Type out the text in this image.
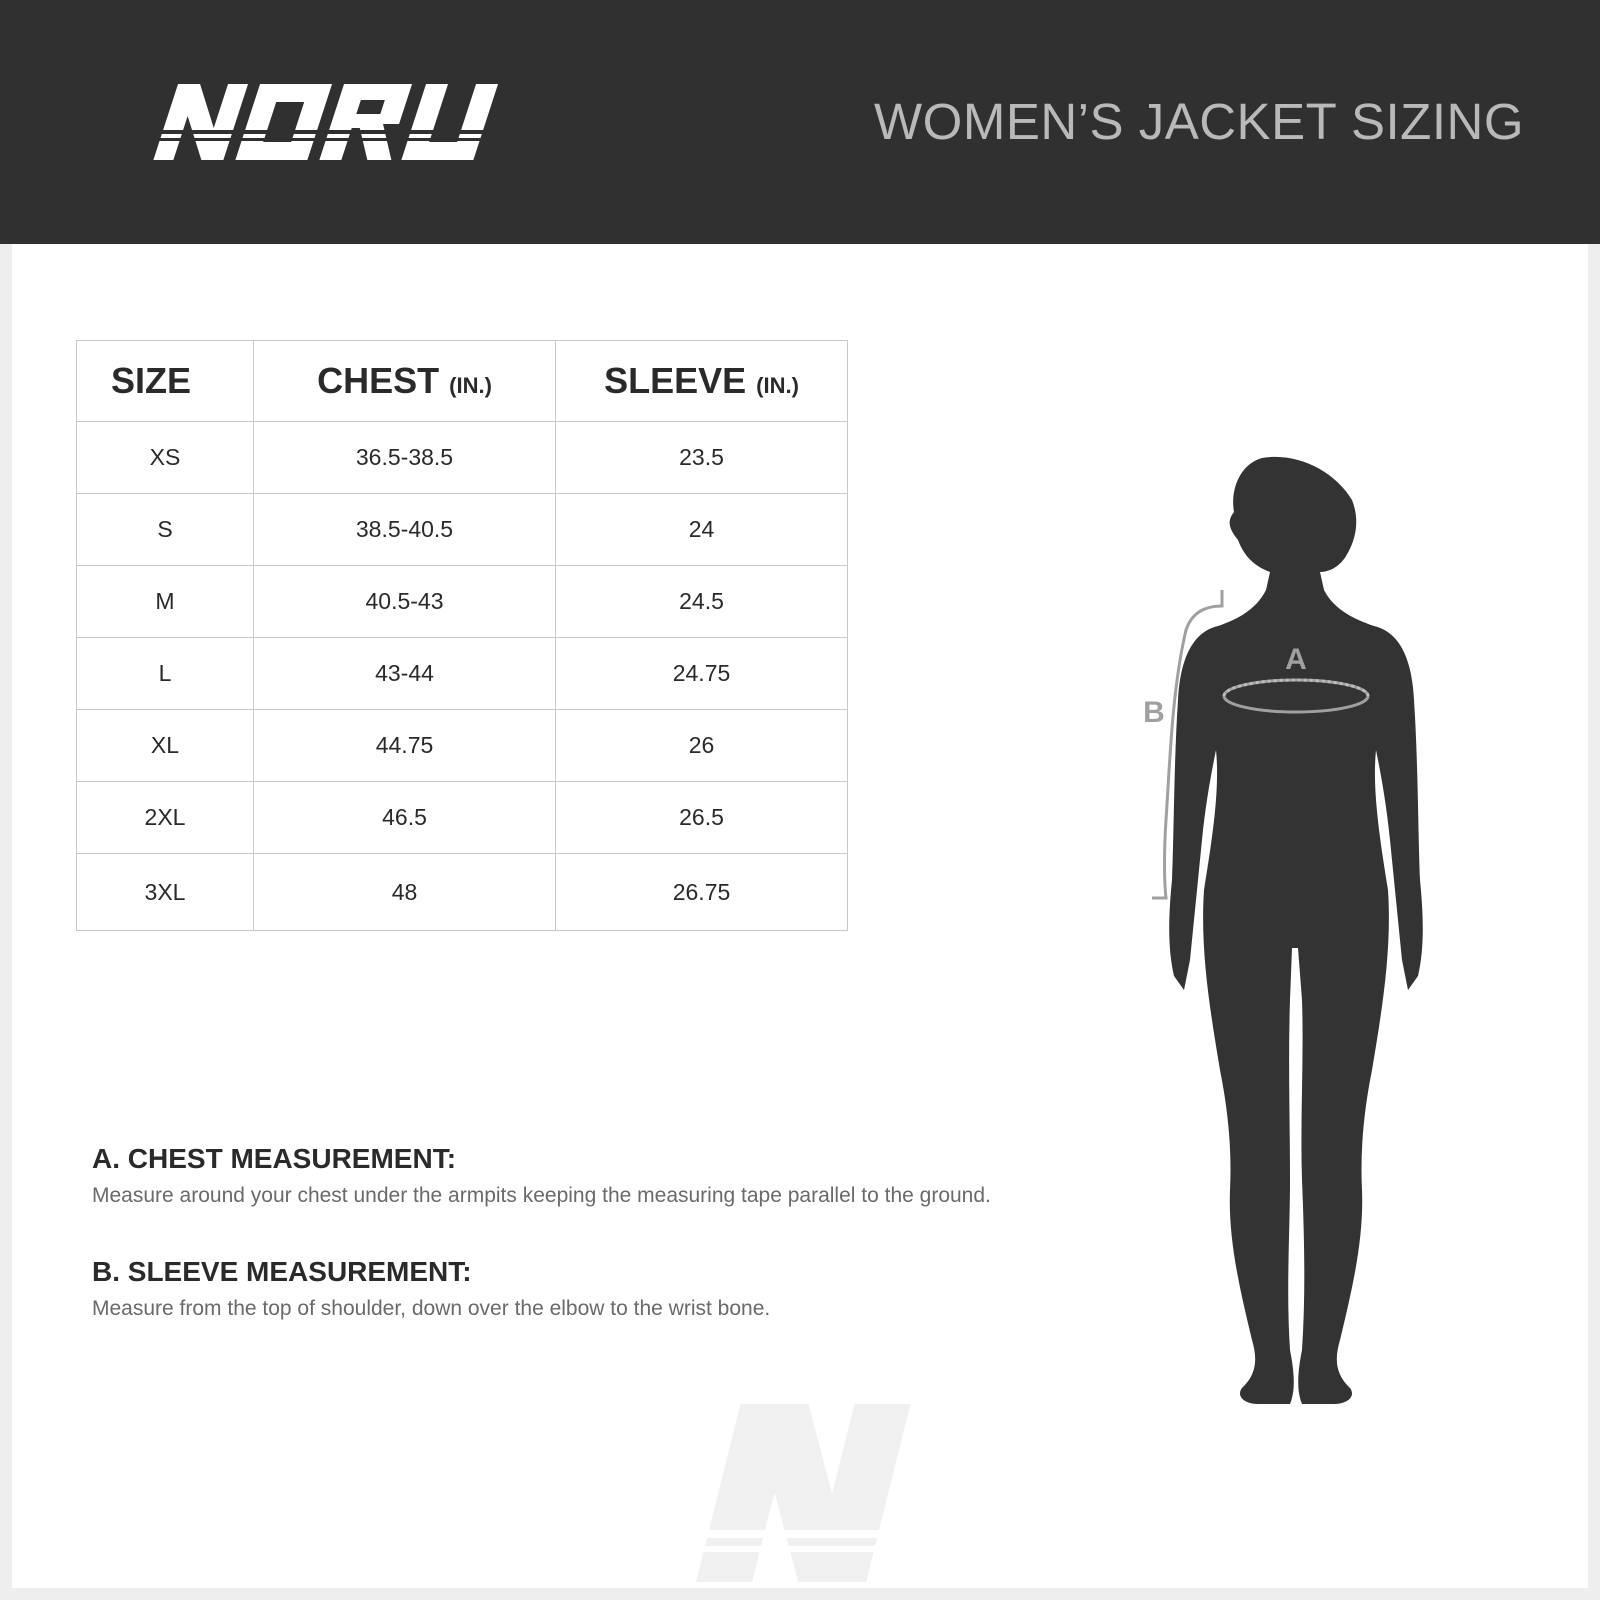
WOMEN’S JACKET SIZING
SIZE	CHEST (IN.)	SLEEVE (IN.)
XS	36.5-38.5	23.5
S	38.5-40.5	24
M	40.5-43	24.5
L	43-44	24.75
XL	44.75	26
2XL	46.5	26.5
3XL	48	26.75
A. CHEST MEASUREMENT:

Measure around your chest under the armpits keeping the measuring tape parallel to the ground.

B. SLEEVE MEASUREMENT:

Measure from the top of shoulder, down over the elbow to the wrist bone.

A
B
